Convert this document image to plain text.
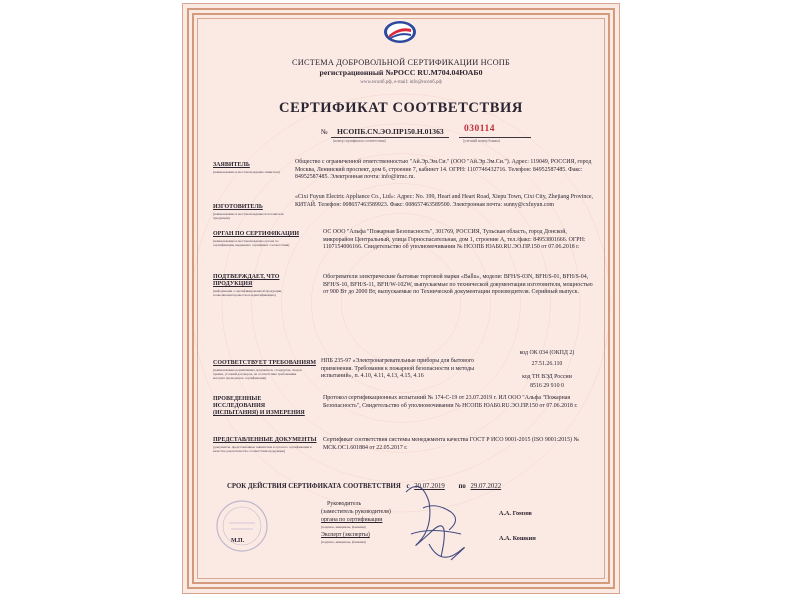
СИСТЕМА ДОБРОВОЛЬНОЙ СЕРТИФИКАЦИИ НСОПБ
регистрационный №РОСС RU.M704.04ЮАБ0
www.нсопб.рф, e-mail: info@нсопб.рф
СЕРТИФИКАТ СООТВЕТСТВИЯ
№ НСОПБ.CN.ЭО.ПР150.Н.01363
(номер сертификата соответствия)
030114
(учетный номер бланка)
ЗАЯВИТЕЛЬ
(наименование и местонахождение заявителя)
Общество с ограниченной ответственностью "Ай.Эр.Эм.Си." (ООО "Ай.Эр.Эм.Си."). Адрес: 119049, РОССИЯ, город Москва, Ленинский проспект, дом 6, строение 7, кабинет 14. ОГРН: 1107746432716. Телефон: 84952587485. Факс: 84952587485. Электронная почта: info@irmc.ru.
ИЗГОТОВИТЕЛЬ
(наименование и местонахождение изготовителя продукции)
«Cixi Fuyun Electric Appliance Co., Ltd»: Адрес: No. 199, Heart and Heart Road, Xiepu Town, Cixi City, Zhejiang Province, КИТАЙ. Телефон: 008657463589923. Факс: 008657463589500. Электронная почта: sunny@cxfuyun.com
ОРГАН ПО СЕРТИФИКАЦИИ
(наименование и местонахождение органа по сертификации, выдавшего сертификат соответствия)
ОС ООО "Альфа "Пожарная Безопасность", 301769, РОССИЯ, Тульская область, город Донской, микрорайон Центральный, улица Горноспасательная, дом 1, строение А, тел./факс: 84953801666. ОГРН: 1107154006166. Свидетельство об уполномочивании № НСОПБ ЮАБ0.RU.ЭО.ПР.150 от 07.06.2018 г.
ПОДТВЕРЖДАЕТ, ЧТО
ПРОДУКЦИЯ
(информация о сертифицированной продукции, позволяющая провести ее идентификацию)
Обогреватели электрические бытовые торговой марки «Ballu», модели: BFH/S-03N, BFH/S-01, BFH/S-04, BFH/S-10, BFH/S-11, BFH/W-102W, выпускаемые по технической документации изготовителя, мощностью от 900 Вт до 2000 Вт, выпускаемые по Технической документации производителя. Серийный выпуск.
СООТВЕТСТВУЕТ ТРЕБОВАНИЯМ
(наименование нормативных документов, стандартов, сводов правил, условий договоров, на соответствие требованиям которых проводилась сертификация)
НПБ 235-97 «Электронагревательные приборы для бытового применения. Требования к пожарной безопасности и методы испытаний», п. 4.10, 4.11, 4.13, 4.15, 4.16
код ОК 034 (ОКПД 2)
27.51.26.110
код ТН ВЭД России
8516 29 910 0
ПРОВЕДЕННЫЕ
ИССЛЕДОВАНИЯ
(ИСПЫТАНИЯ) И ИЗМЕРЕНИЯ
Протокол сертификационных испытаний № 174-С-19 от 23.07.2019 г. ИЛ ООО "Альфа "Пожарная Безопасность", Свидетельство об уполномочивании № НСОПБ ЮАБ0.RU.ЭО.ПР.150 от 07.06.2018 г.
ПРЕДСТАВЛЕННЫЕ ДОКУМЕНТЫ
(документы, представленные заявителем в орган по сертификации в качестве доказательства соответствия продукции)
Сертификат соответствия системы менеджмента качества ГОСТ Р ИСО 9001-2015 (ISO 9001:2015) № МСК.ОС1.601884 от 22.05.2017 г.
СРОК ДЕЙСТВИЯ СЕРТИФИКАТА СООТВЕТСТВИЯ с 30.07.2019 по 29.07.2022
Руководитель
(заместитель руководителя)
органа по сертификации
(подпись, инициалы, фамилия)
А.А. Гомзов
Эксперт (эксперты)
(подпись, инициалы, фамилия)	А.А. Кошкин
М.П.
